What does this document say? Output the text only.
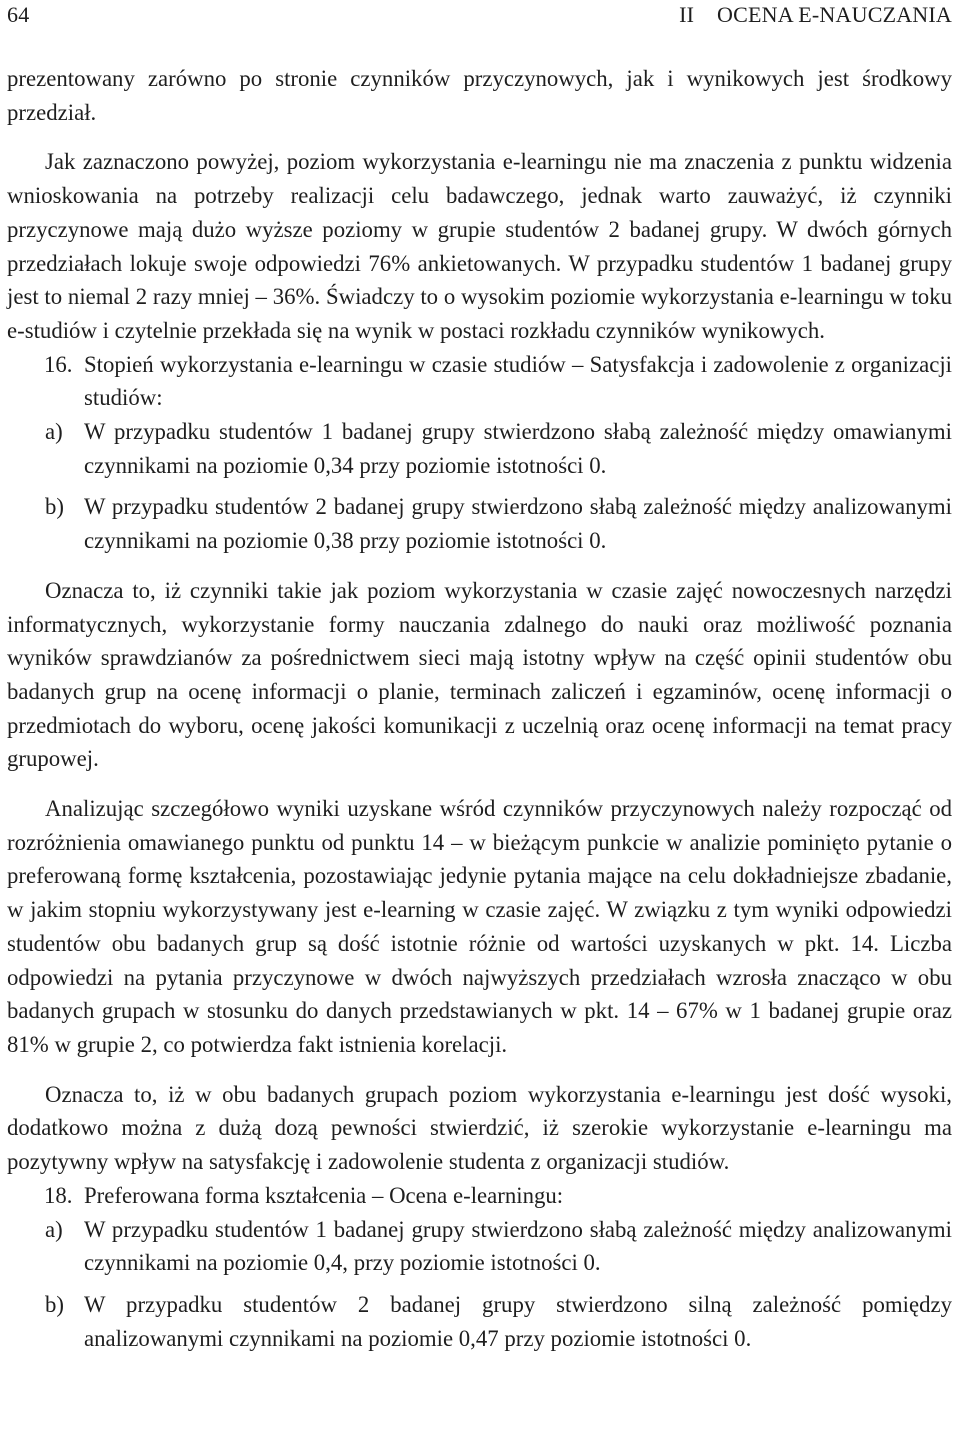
64	II    OCENA E-NAUCZANIA

prezentowany zarówno po stronie czynników przyczynowych, jak i wynikowych jest środkowy przedział.

Jak zaznaczono powyżej, poziom wykorzystania e-learningu nie ma znaczenia z punktu widzenia wnioskowania na potrzeby realizacji celu badawczego, jednak warto zauważyć, iż czynniki przyczynowe mają dużo wyższe poziomy w grupie studentów 2 badanej grupy. W dwóch górnych przedziałach lokuje swoje odpowiedzi 76% ankietowanych. W przypadku studentów 1 badanej grupy jest to niemal 2 razy mniej – 36%. Świadczy to o wysokim poziomie wykorzystania e-learningu w toku e-studiów i czytelnie przekłada się na wynik w postaci rozkładu czynników wynikowych.

16. Stopień wykorzystania e-learningu w czasie studiów – Satysfakcja i zadowolenie z organizacji studiów:
a) W przypadku studentów 1 badanej grupy stwierdzono słabą zależność między omawianymi czynnikami na poziomie 0,34 przy poziomie istotności 0.
b) W przypadku studentów 2 badanej grupy stwierdzono słabą zależność między analizowanymi czynnikami na poziomie 0,38 przy poziomie istotności 0.

Oznacza to, iż czynniki takie jak poziom wykorzystania w czasie zajęć nowoczesnych narzędzi informatycznych, wykorzystanie formy nauczania zdalnego do nauki oraz możliwość poznania wyników sprawdzianów za pośrednictwem sieci mają istotny wpływ na część opinii studentów obu badanych grup na ocenę informacji o planie, terminach zaliczeń i egzaminów, ocenę informacji o przedmiotach do wyboru, ocenę jakości komunikacji z uczelnią oraz ocenę informacji na temat pracy grupowej.

Analizując szczegółowo wyniki uzyskane wśród czynników przyczynowych należy rozpocząć od rozróżnienia omawianego punktu od punktu 14 – w bieżącym punkcie w analizie pominięto pytanie o preferowaną formę kształcenia, pozostawiając jedynie pytania mające na celu dokładniejsze zbadanie, w jakim stopniu wykorzystywany jest e-learning w czasie zajęć. W związku z tym wyniki odpowiedzi studentów obu badanych grup są dość istotnie różnie od wartości uzyskanych w pkt. 14. Liczba odpowiedzi na pytania przyczynowe w dwóch najwyższych przedziałach wzrosła znacząco w obu badanych grupach w stosunku do danych przedstawianych w pkt. 14 – 67% w 1 badanej grupie oraz 81% w grupie 2, co potwierdza fakt istnienia korelacji.

Oznacza to, iż w obu badanych grupach poziom wykorzystania e-learningu jest dość wysoki, dodatkowo można z dużą dozą pewności stwierdzić, iż szerokie wykorzystanie e-learningu ma pozytywny wpływ na satysfakcję i zadowolenie studenta z organizacji studiów.

18. Preferowana forma kształcenia – Ocena e-learningu:
a) W przypadku studentów 1 badanej grupy stwierdzono słabą zależność między analizowanymi czynnikami na poziomie 0,4, przy poziomie istotności 0.
b) W przypadku studentów 2 badanej grupy stwierdzono silną zależność pomiędzy analizowanymi czynnikami na poziomie 0,47 przy poziomie istotności 0.
